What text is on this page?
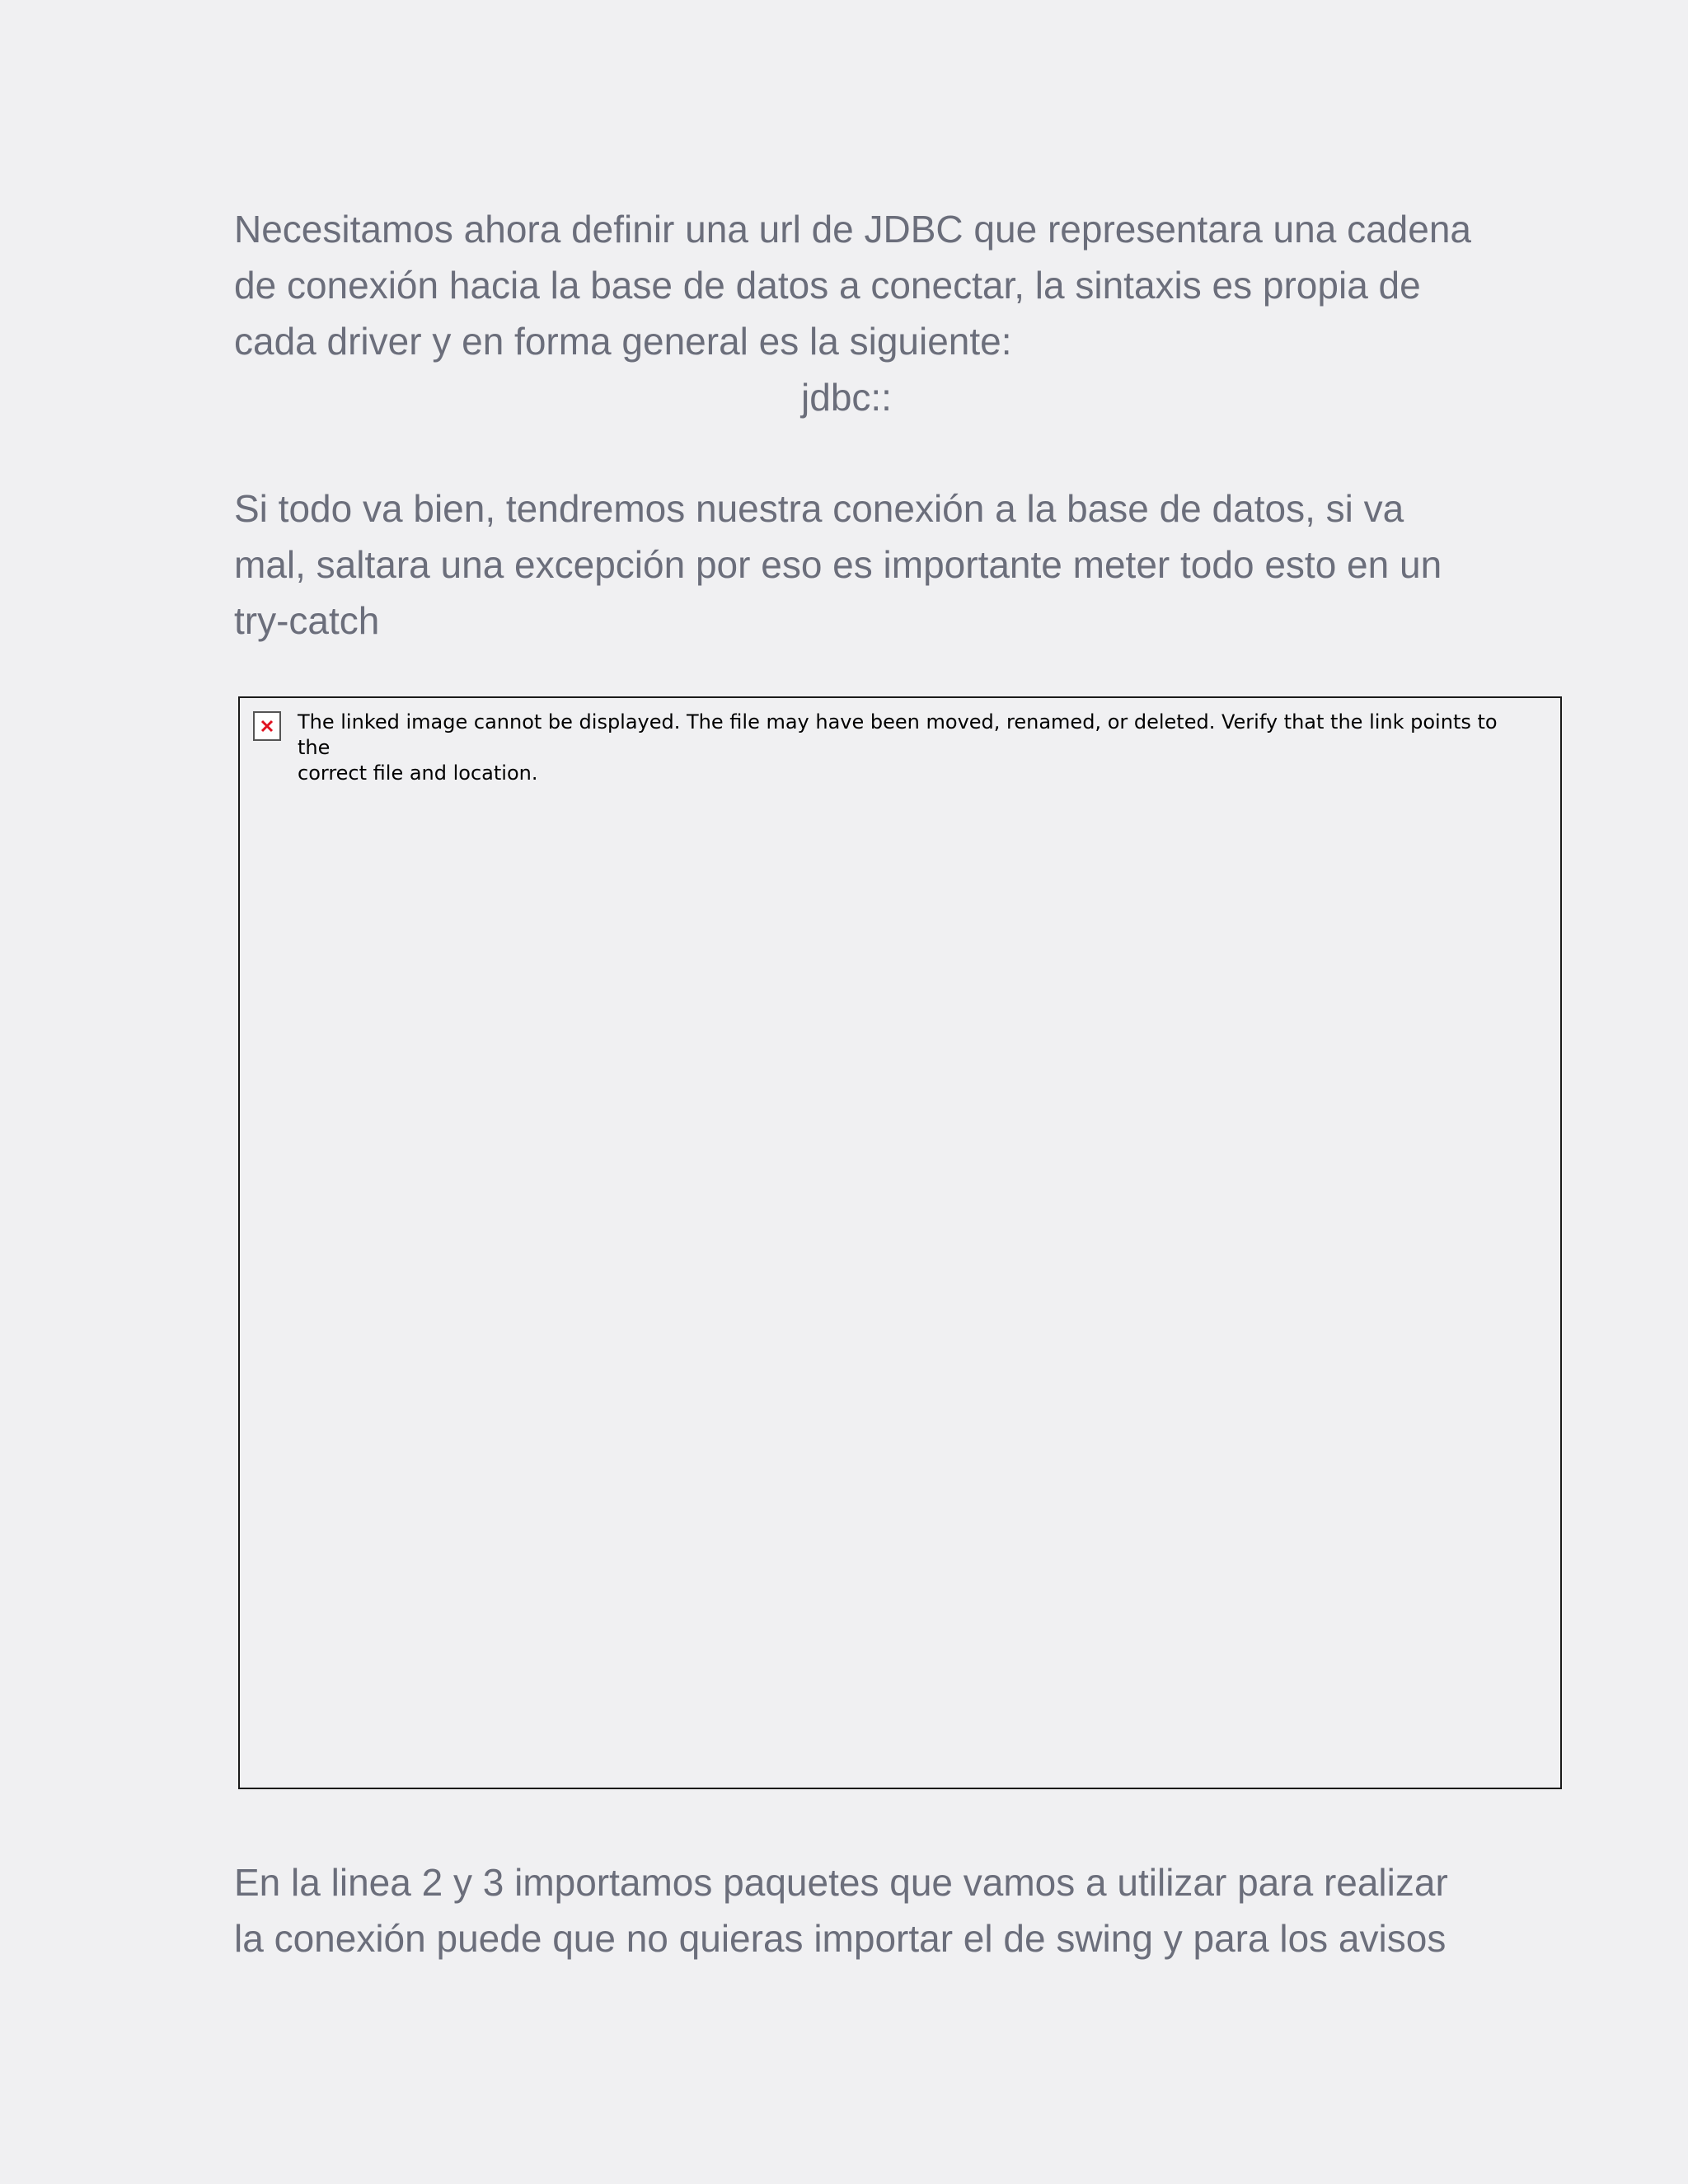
Necesitamos ahora definir una url de JDBC que representara una cadena
de conexión hacia la base de datos a conectar, la sintaxis es propia de
cada driver y en forma general es la siguiente:

jdbc::

Si todo va bien, tendremos nuestra conexión a la base de datos, si va
mal, saltara una excepción por eso es importante meter todo esto en un
try-catch

The linked image cannot be displayed. The file may have been moved, renamed, or deleted. Verify that the link points to the
correct file and location.

En la linea 2 y 3 importamos paquetes que vamos a utilizar para realizar
la conexión puede que no quieras importar el de swing y para los avisos
